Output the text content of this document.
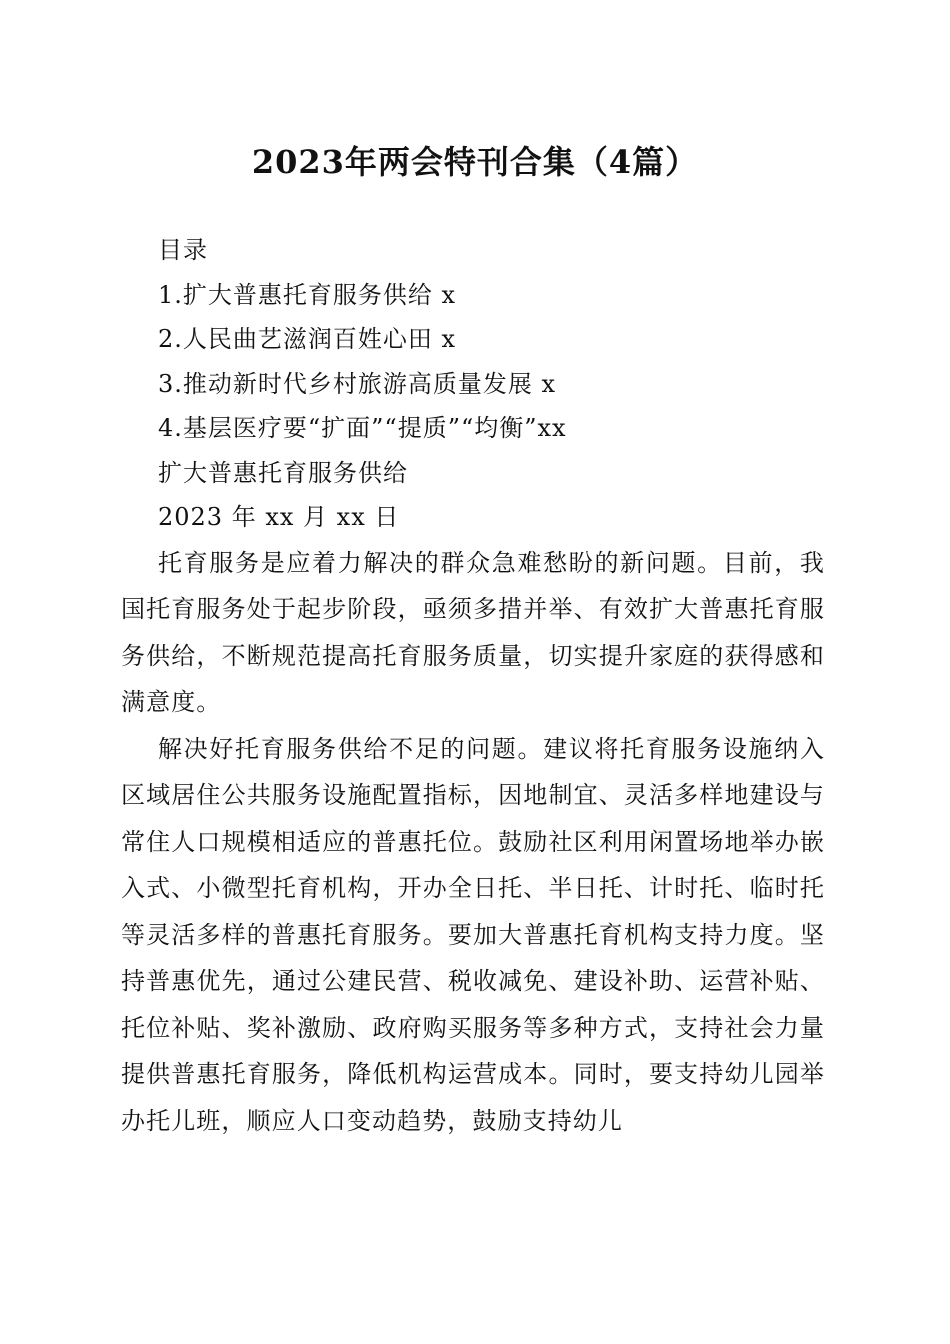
2023年两会特刊合集（4篇）
目录
1.扩大普惠托育服务供给 x
2.人民曲艺滋润百姓心田 x
3.推动新时代乡村旅游高质量发展 x
4.基层医疗要“扩面”“提质”“均衡”xx
扩大普惠托育服务供给
2023 年 xx 月 xx 日

托育服务是应着力解决的群众急难愁盼的新问题。目前，我国托育服务处于起步阶段，亟须多措并举、有效扩大普惠托育服务供给，不断规范提高托育服务质量，切实提升家庭的获得感和满意度。

解决好托育服务供给不足的问题。建议将托育服务设施纳入区域居住公共服务设施配置指标，因地制宜、灵活多样地建设与常住人口规模相适应的普惠托位。鼓励社区利用闲置场地举办嵌入式、小微型托育机构，开办全日托、半日托、计时托、临时托等灵活多样的普惠托育服务。要加大普惠托育机构支持力度。坚持普惠优先，通过公建民营、税收减免、建设补助、运营补贴、托位补贴、奖补激励、政府购买服务等多种方式，支持社会力量提供普惠托育服务，降低机构运营成本。同时，要支持幼儿园举办托儿班，顺应人口变动趋势，鼓励支持幼儿
